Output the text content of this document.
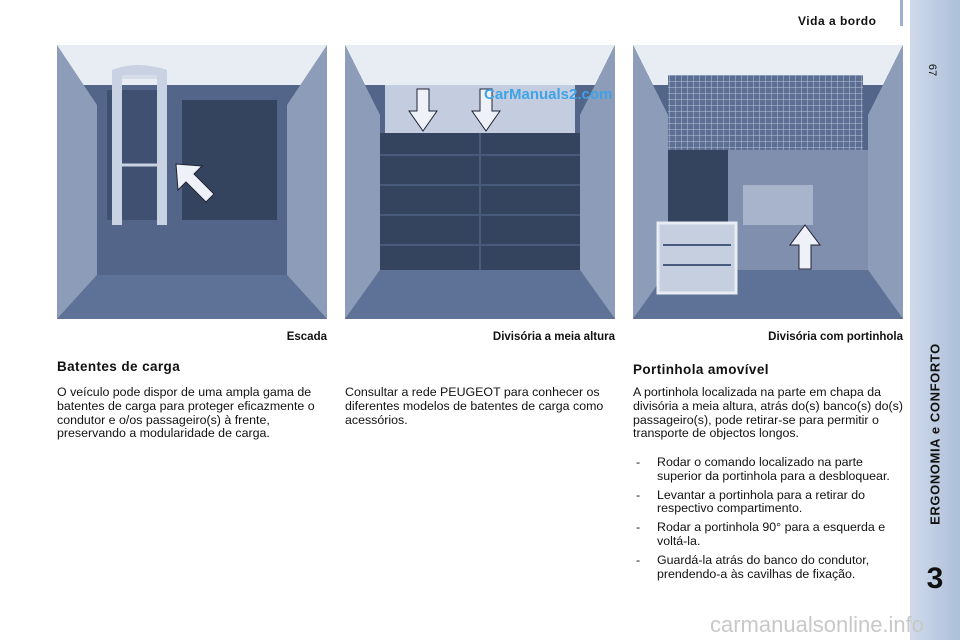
Vida a bordo
67
ERGONOMIA e CONFORTO
3
CarManuals2.com
Escada	Divisória a meia altura	Divisória com portinhola
Batentes de carga
O veículo pode dispor de uma ampla gama de batentes de carga para proteger eficazmente o condutor e o/os passageiro(s) à frente, preservando a modularidade de carga.
Consultar a rede PEUGEOT para conhecer os diferentes modelos de batentes de carga como acessórios.
Portinhola amovível
A portinhola localizada na parte em chapa da divisória a meia altura, atrás do(s) banco(s) do(s) passageiro(s), pode retirar-se para permitir o transporte de objectos longos.
- Rodar o comando localizado na parte superior da portinhola para a desbloquear.
- Levantar a portinhola para a retirar do respectivo compartimento.
- Rodar a portinhola 90° para a esquerda e voltá-la.
- Guardá-la atrás do banco do condutor, prendendo-a às cavilhas de fixação.
carmanualsonline.info
